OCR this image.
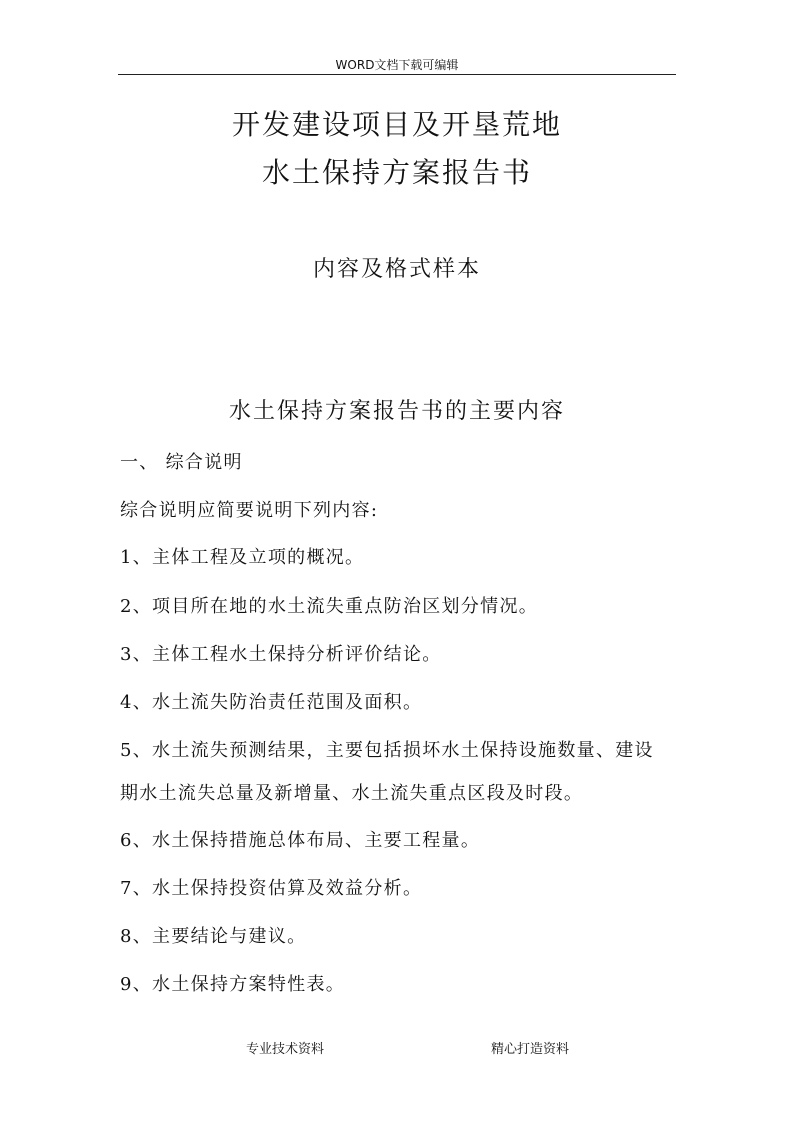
WORD文档下载可编辑
开发建设项目及开垦荒地
水土保持方案报告书
内容及格式样本
水土保持方案报告书的主要内容
一、 综合说明
综合说明应简要说明下列内容:
1、主体工程及立项的概况。
2、项目所在地的水土流失重点防治区划分情况。
3、主体工程水土保持分析评价结论。
4、水土流失防治责任范围及面积。
5、水土流失预测结果，主要包括损坏水土保持设施数量、建设
期水土流失总量及新增量、水土流失重点区段及时段。
6、水土保持措施总体布局、主要工程量。
7、水土保持投资估算及效益分析。
8、主要结论与建议。
9、水土保持方案特性表。
专业技术资料	精心打造资料
